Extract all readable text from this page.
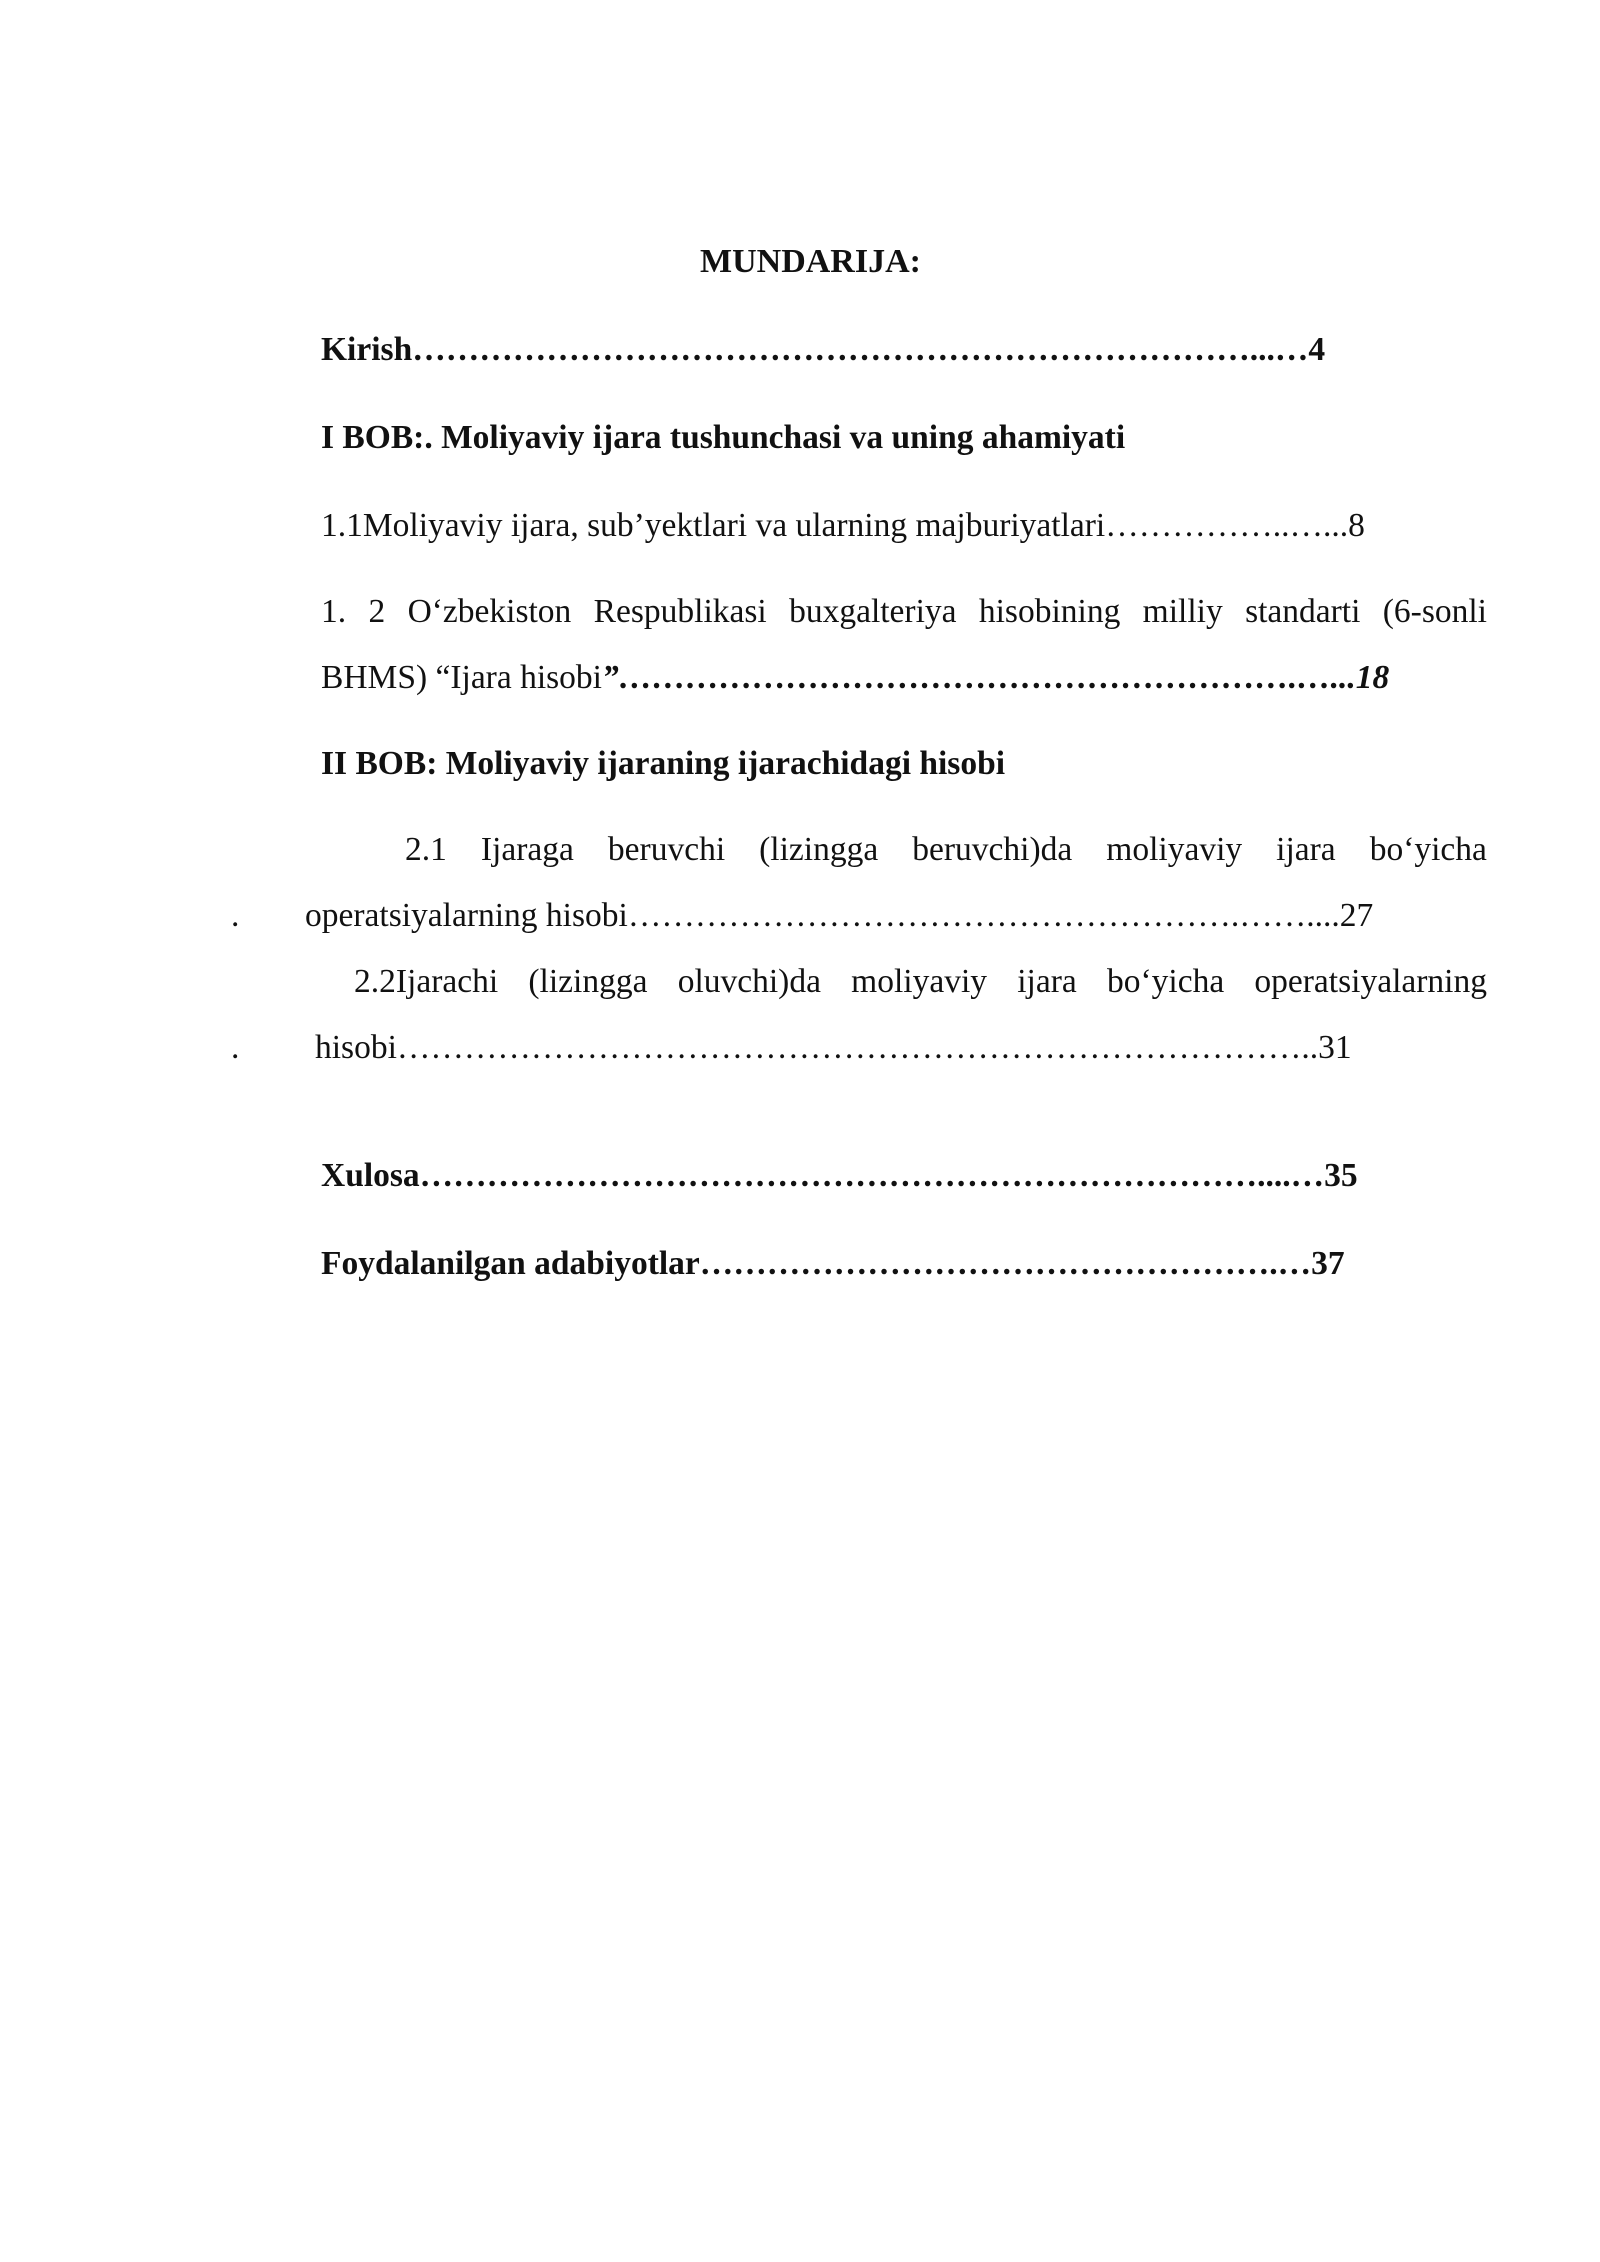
MUNDARIJA:
Kirish…………………………………………………………………...…4
I BOB:. Moliyaviy ijara tushunchasi va uning ahamiyati
1.1Moliyaviy ijara, sub’yektlari va ularning majburiyatlari……………..…...8
1. 2 O‘zbekiston Respublikasi buxgalteriya hisobining milliy standarti (6-sonli
BHMS) “Ijara hisobi”…………………………………………………….…...18
II BOB: Moliyaviy ijaraning ijarachidagi hisobi
2.1 Ijaraga beruvchi (lizingga beruvchi)da moliyaviy ijara bo‘yicha
. operatsiyalarning hisobi……………………………………………….……....27
2.2Ijarachi (lizingga oluvchi)da moliyaviy ijara bo‘yicha operatsiyalarning
. hisobi………………………………………………………………………..31
Xulosa…………………………………………………………………....…35
Foydalanilgan adabiyotlar…………………………………………….…37
